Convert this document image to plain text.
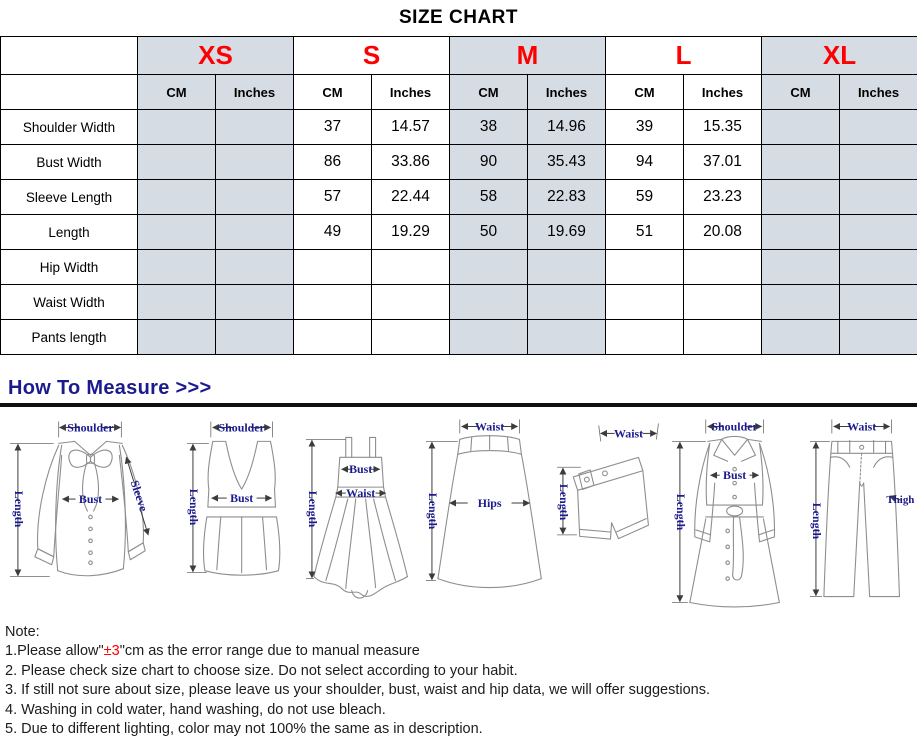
SIZE CHART
	XS		S		M		L		XL	
	CM	Inches	CM	Inches	CM	Inches	CM	Inches	CM	Inches
Shoulder Width			37	14.57	38	14.96	39	15.35		
Bust Width			86	33.86	90	35.43	94	37.01		
Sleeve Length			57	22.44	58	22.83	59	23.23		
Length			49	19.29	50	19.69	51	20.08		
Hip Width										
Waist Width										
Pants length										
How To Measure >>>
Shoulder
Length	Bust Sleeve
Shoulder
Length Bust	Length
Bust
Waist
Waist
Length	Hips
Waist
Length
Shoulder
Length
Bust
Waist
Length
Thigh
Note:
1.Please allow"±3"cm as the error range due to manual measure
2. Please check size chart to choose size. Do not select according to your habit.
3. If still not sure about size, please leave us your shoulder, bust, waist and hip data, we will offer suggestions.
4. Washing in cold water, hand washing, do not use bleach.
5. Due to different lighting, color may not 100% the same as in description.
